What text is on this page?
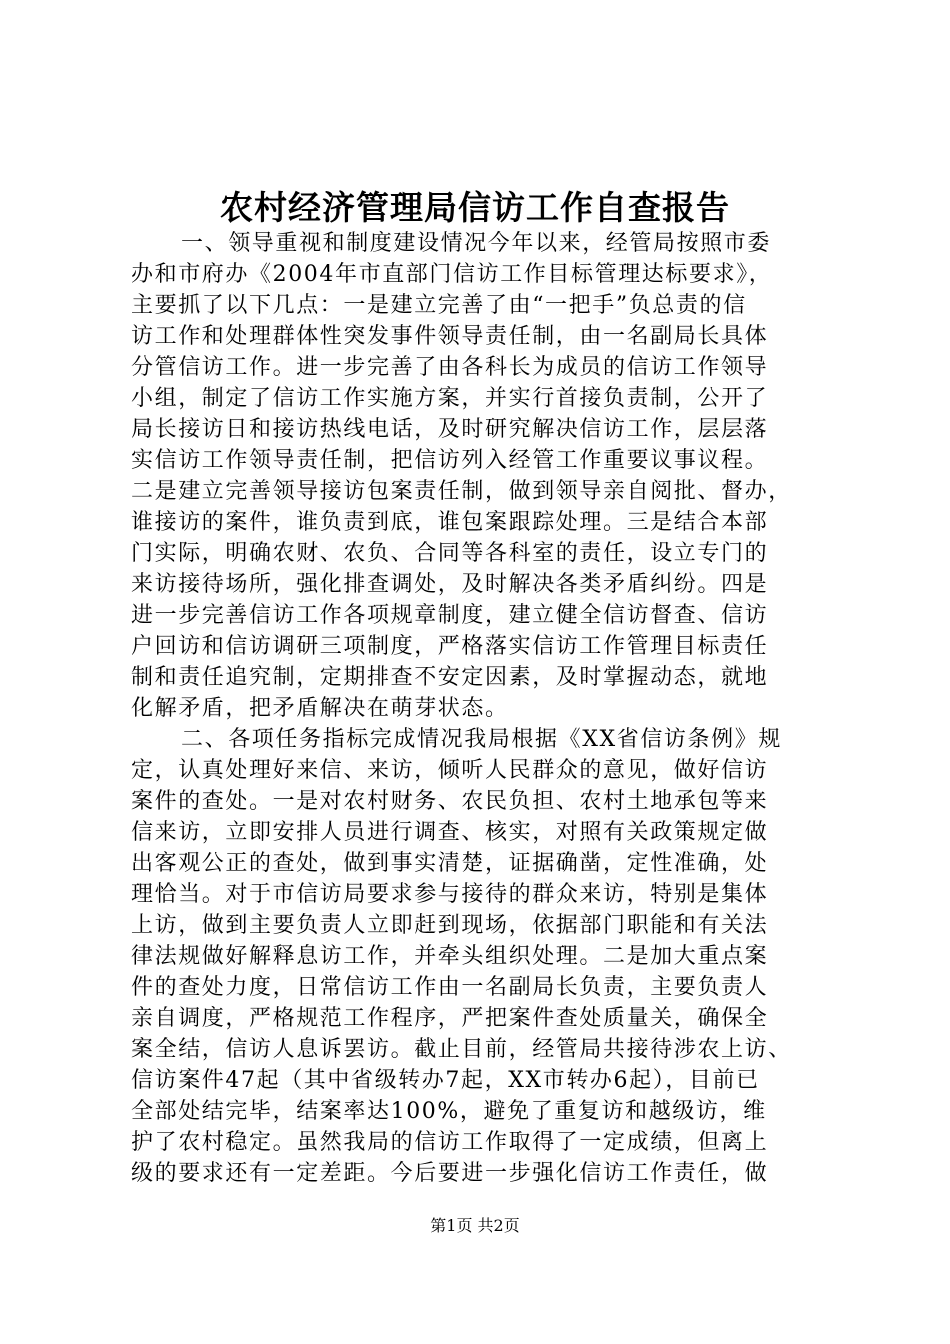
农村经济管理局信访工作自查报告
一、领导重视和制度建设情况今年以来，经管局按照市委
办和市府办《2004年市直部门信访工作目标管理达标要求》，
主要抓了以下几点：一是建立完善了由“一把手”负总责的信
访工作和处理群体性突发事件领导责任制，由一名副局长具体
分管信访工作。进一步完善了由各科长为成员的信访工作领导
小组，制定了信访工作实施方案，并实行首接负责制，公开了
局长接访日和接访热线电话，及时研究解决信访工作，层层落
实信访工作领导责任制，把信访列入经管工作重要议事议程。
二是建立完善领导接访包案责任制，做到领导亲自阅批、督办，
谁接访的案件，谁负责到底，谁包案跟踪处理。三是结合本部
门实际，明确农财、农负、合同等各科室的责任，设立专门的
来访接待场所，强化排查调处，及时解决各类矛盾纠纷。四是
进一步完善信访工作各项规章制度，建立健全信访督查、信访
户回访和信访调研三项制度，严格落实信访工作管理目标责任
制和责任追究制，定期排查不安定因素，及时掌握动态，就地
化解矛盾，把矛盾解决在萌芽状态。
二、各项任务指标完成情况我局根据《XX省信访条例》规
定，认真处理好来信、来访，倾听人民群众的意见，做好信访
案件的查处。一是对农村财务、农民负担、农村土地承包等来
信来访，立即安排人员进行调查、核实，对照有关政策规定做
出客观公正的查处，做到事实清楚，证据确凿，定性准确，处
理恰当。对于市信访局要求参与接待的群众来访，特别是集体
上访，做到主要负责人立即赶到现场，依据部门职能和有关法
律法规做好解释息访工作，并牵头组织处理。二是加大重点案
件的查处力度，日常信访工作由一名副局长负责，主要负责人
亲自调度，严格规范工作程序，严把案件查处质量关，确保全
案全结，信访人息诉罢访。截止目前，经管局共接待涉农上访、
信访案件47起（其中省级转办7起，XX市转办6起），目前已
全部处结完毕，结案率达100%，避免了重复访和越级访，维
护了农村稳定。虽然我局的信访工作取得了一定成绩，但离上
级的要求还有一定差距。今后要进一步强化信访工作责任，做
第1页 共2页
